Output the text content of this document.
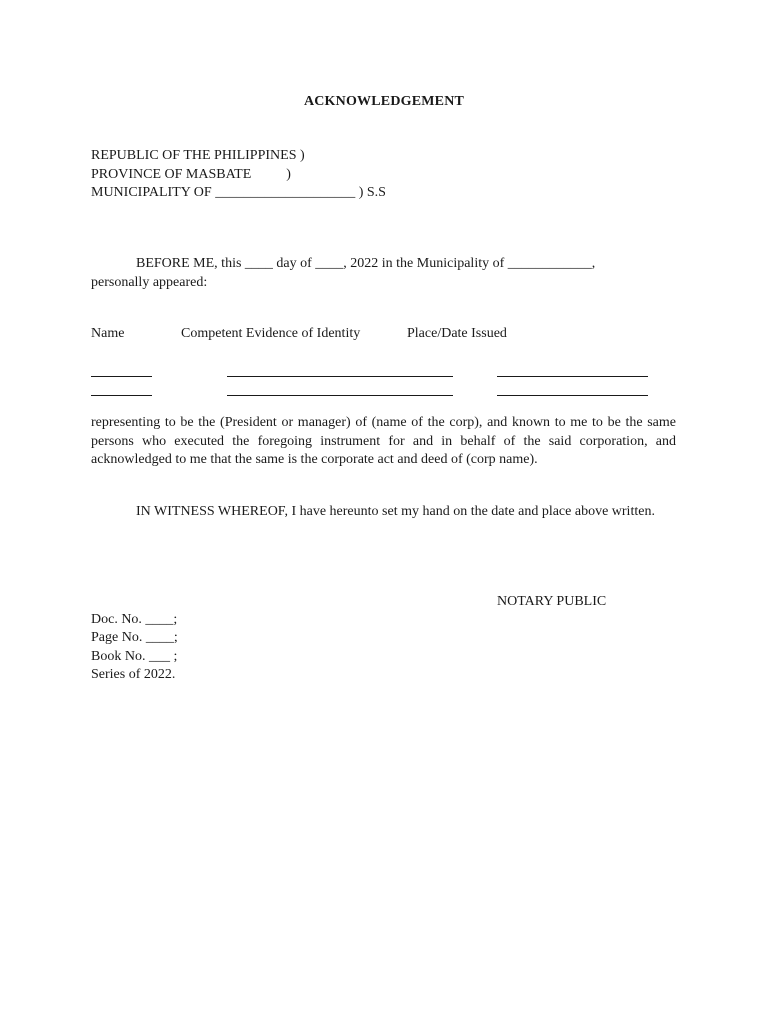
ACKNOWLEDGEMENT
REPUBLIC OF THE PHILIPPINES )
PROVINCE OF MASBATE          )
MUNICIPALITY OF ____________________ ) S.S
BEFORE ME, this ____ day of ____, 2022 in the Municipality of ____________,
personally appeared:
Name	Competent Evidence of Identity	Place/Date Issued
representing to be the (President or manager) of (name of the corp), and known to me to be the same persons who executed the foregoing instrument for and in behalf of the said corporation, and acknowledged to me that the same is the corporate act and deed of (corp name).
IN WITNESS WHEREOF, I have hereunto set my hand on the date and place above written.
NOTARY PUBLIC
Doc. No. ____;
Page No. ____;
Book No. ___ ;
Series of 2022.
